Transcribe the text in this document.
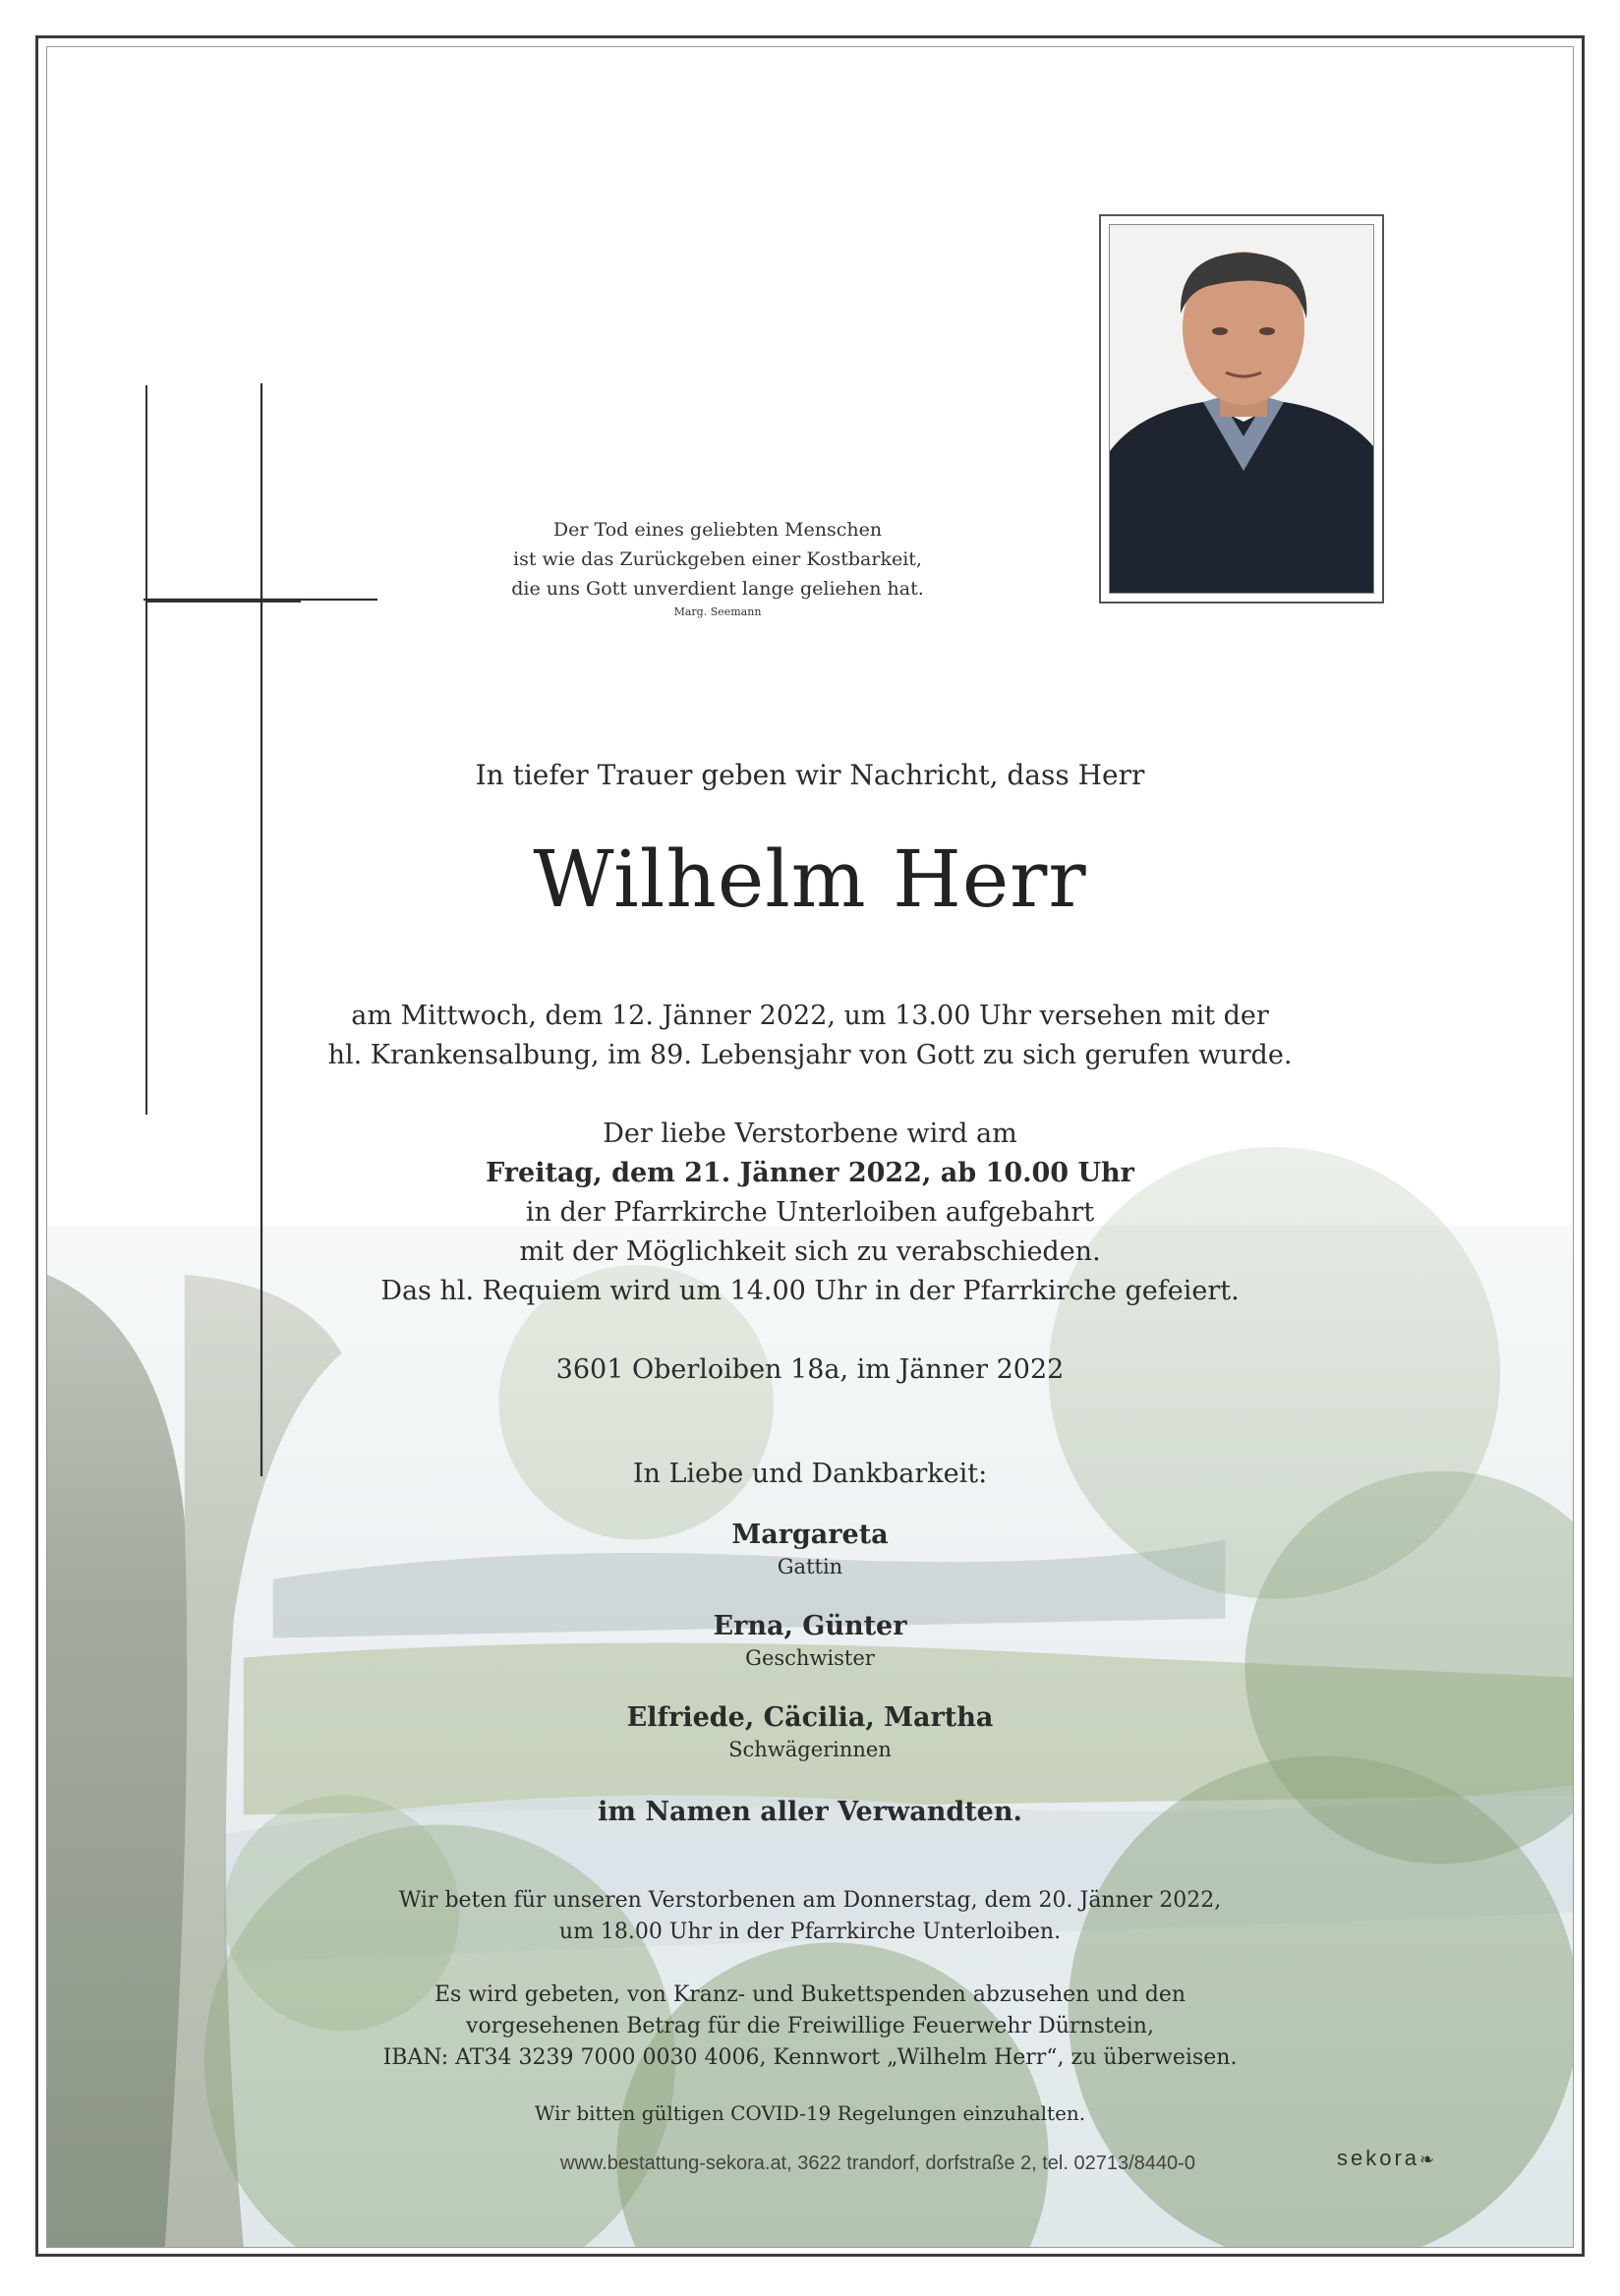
Der Tod eines geliebten Menschen
ist wie das Zurückgeben einer Kostbarkeit,
die uns Gott unverdient lange geliehen hat.
Marg. Seemann
In tiefer Trauer geben wir Nachricht, dass Herr
Wilhelm Herr
am Mittwoch, dem 12. Jänner 2022, um 13.00 Uhr versehen mit der
hl. Krankensalbung, im 89. Lebensjahr von Gott zu sich gerufen wurde.
Der liebe Verstorbene wird am
Freitag, dem 21. Jänner 2022, ab 10.00 Uhr
in der Pfarrkirche Unterloiben aufgebahrt
mit der Möglichkeit sich zu verabschieden.
Das hl. Requiem wird um 14.00 Uhr in der Pfarrkirche gefeiert.
3601 Oberloiben 18a, im Jänner 2022
In Liebe und Dankbarkeit:
Margareta
Gattin
Erna, Günter
Geschwister
Elfriede, Cäcilia, Martha
Schwägerinnen
im Namen aller Verwandten.
Wir beten für unseren Verstorbenen am Donnerstag, dem 20. Jänner 2022,
um 18.00 Uhr in der Pfarrkirche Unterloiben.
Es wird gebeten, von Kranz- und Bukettspenden abzusehen und den
vorgesehenen Betrag für die Freiwillige Feuerwehr Dürnstein,
IBAN: AT34 3239 7000 0030 4006, Kennwort „Wilhelm Herr“, zu überweisen.
Wir bitten gültigen COVID-19 Regelungen einzuhalten.
www.bestattung-sekora.at, 3622 trandorf, dorfstraße 2, tel. 02713/8440-0	sekora❧
